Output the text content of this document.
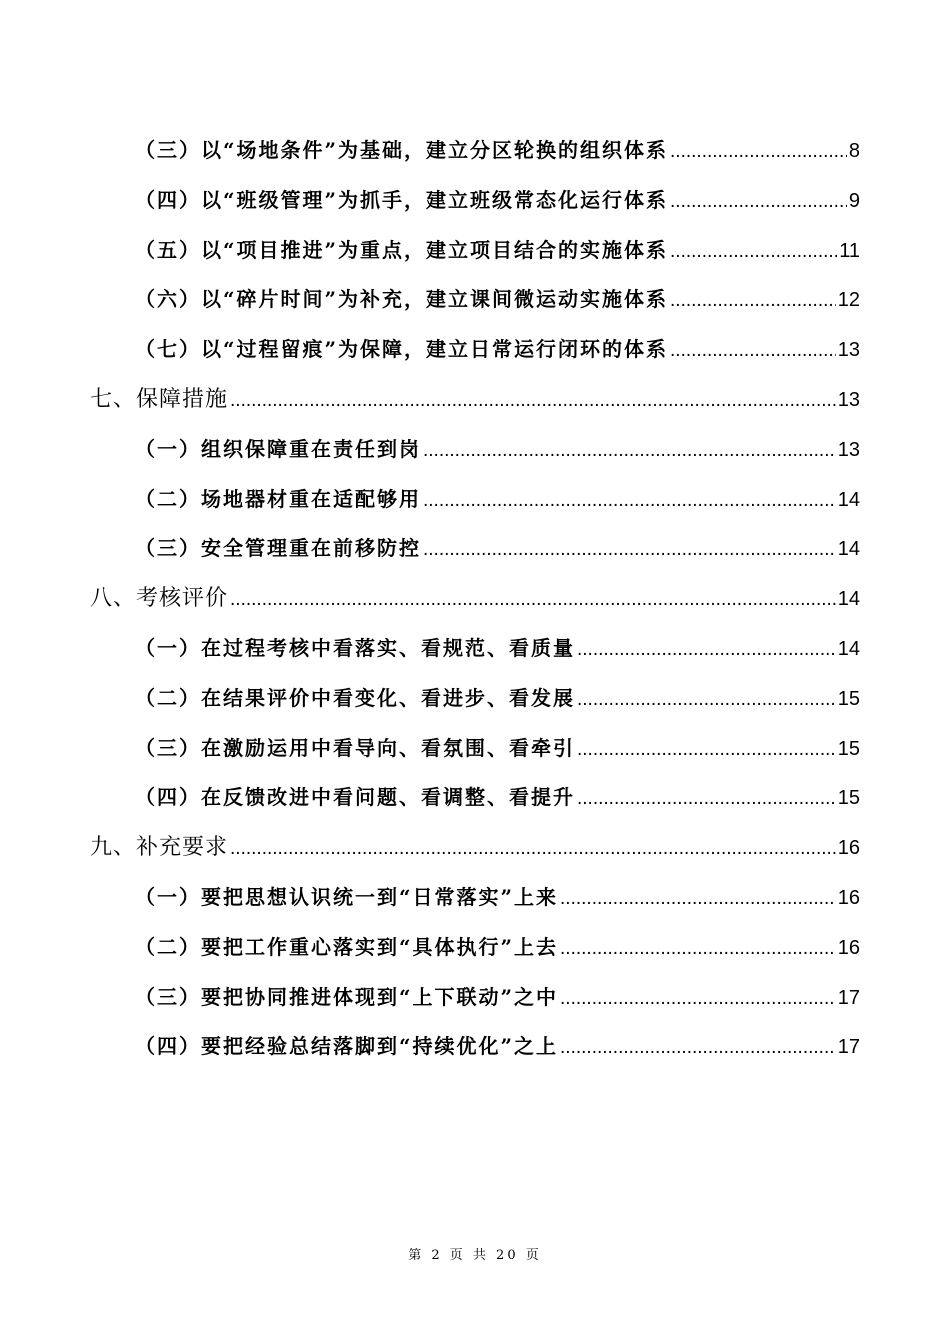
（三）以“场地条件”为基础，建立分区轮换的组织体系 .....	8
（四）以“班级管理”为抓手，建立班级常态化运行体系 .....	9
（五）以“项目推进”为重点，建立项目结合的实施体系 .....	11
（六）以“碎片时间”为补充，建立课间微运动实施体系 .....	12
（七）以“过程留痕”为保障，建立日常运行闭环的体系 .....	13
七、保障措施 .....	13
（一）组织保障重在责任到岗 .....	13
（二）场地器材重在适配够用 .....	14
（三）安全管理重在前移防控 .....	14
八、考核评价 .....	14
（一）在过程考核中看落实、看规范、看质量 .....	14
（二）在结果评价中看变化、看进步、看发展 .....	15
（三）在激励运用中看导向、看氛围、看牵引 .....	15
（四）在反馈改进中看问题、看调整、看提升 .....	15
九、补充要求 .....	16
（一）要把思想认识统一到“日常落实”上来 .....	16
（二）要把工作重心落实到“具体执行”上去 .....	16
（三）要把协同推进体现到“上下联动”之中 .....	17
（四）要把经验总结落脚到“持续优化”之上 .....	17
第 2 页 共 20 页
